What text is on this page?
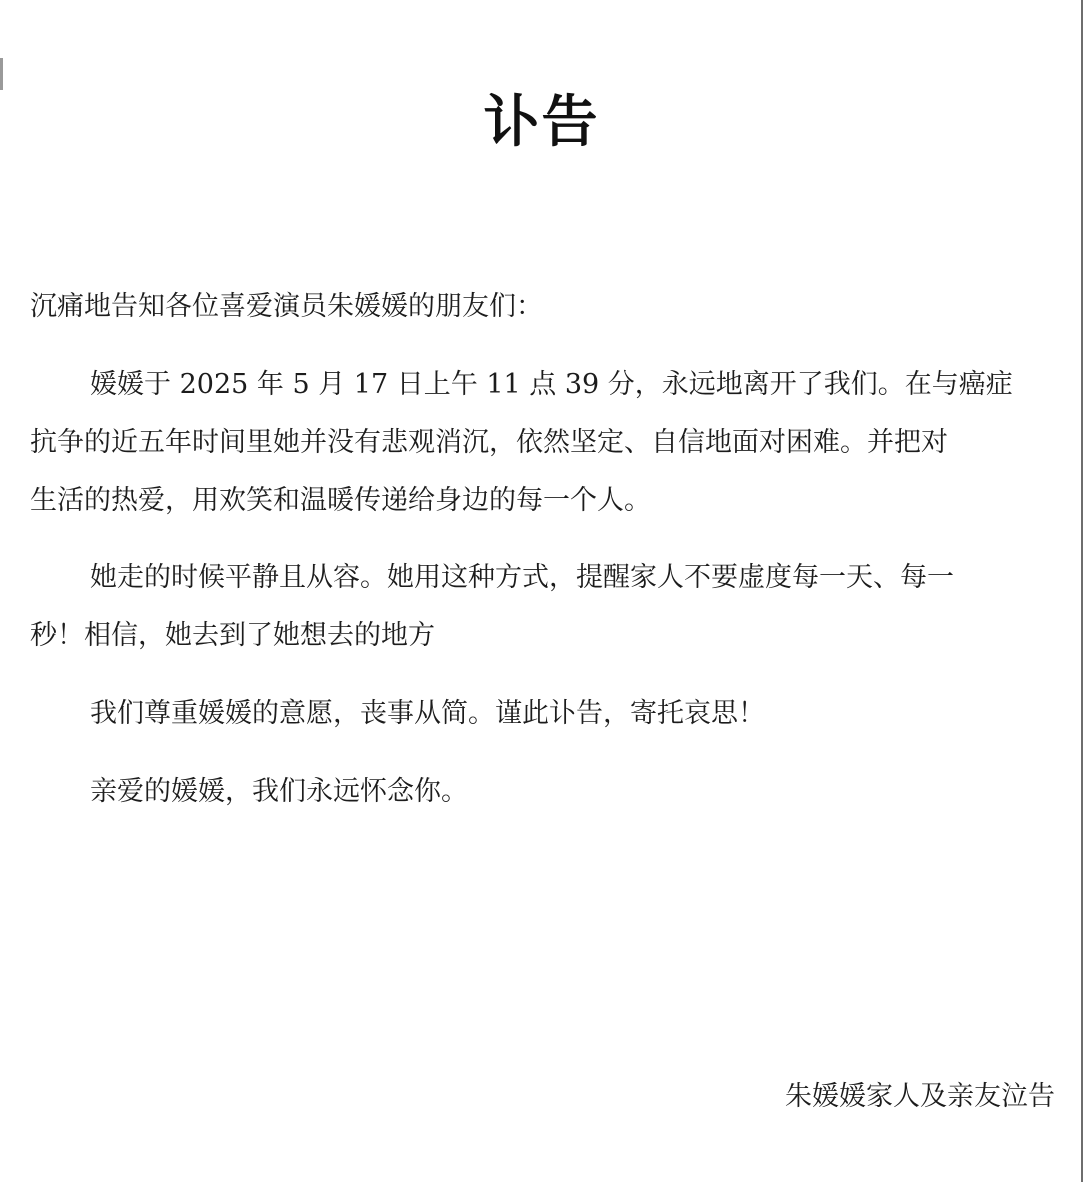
讣告
沉痛地告知各位喜爱演员朱媛媛的朋友们：
媛媛于 2025 年 5 月 17 日上午 11 点 39 分，永远地离开了我们。在与癌症
抗争的近五年时间里她并没有悲观消沉，依然坚定、自信地面对困难。并把对
生活的热爱，用欢笑和温暖传递给身边的每一个人。
她走的时候平静且从容。她用这种方式，提醒家人不要虚度每一天、每一
秒！相信，她去到了她想去的地方
我们尊重媛媛的意愿，丧事从简。谨此讣告，寄托哀思！
亲爱的媛媛，我们永远怀念你。
朱媛媛家人及亲友泣告
